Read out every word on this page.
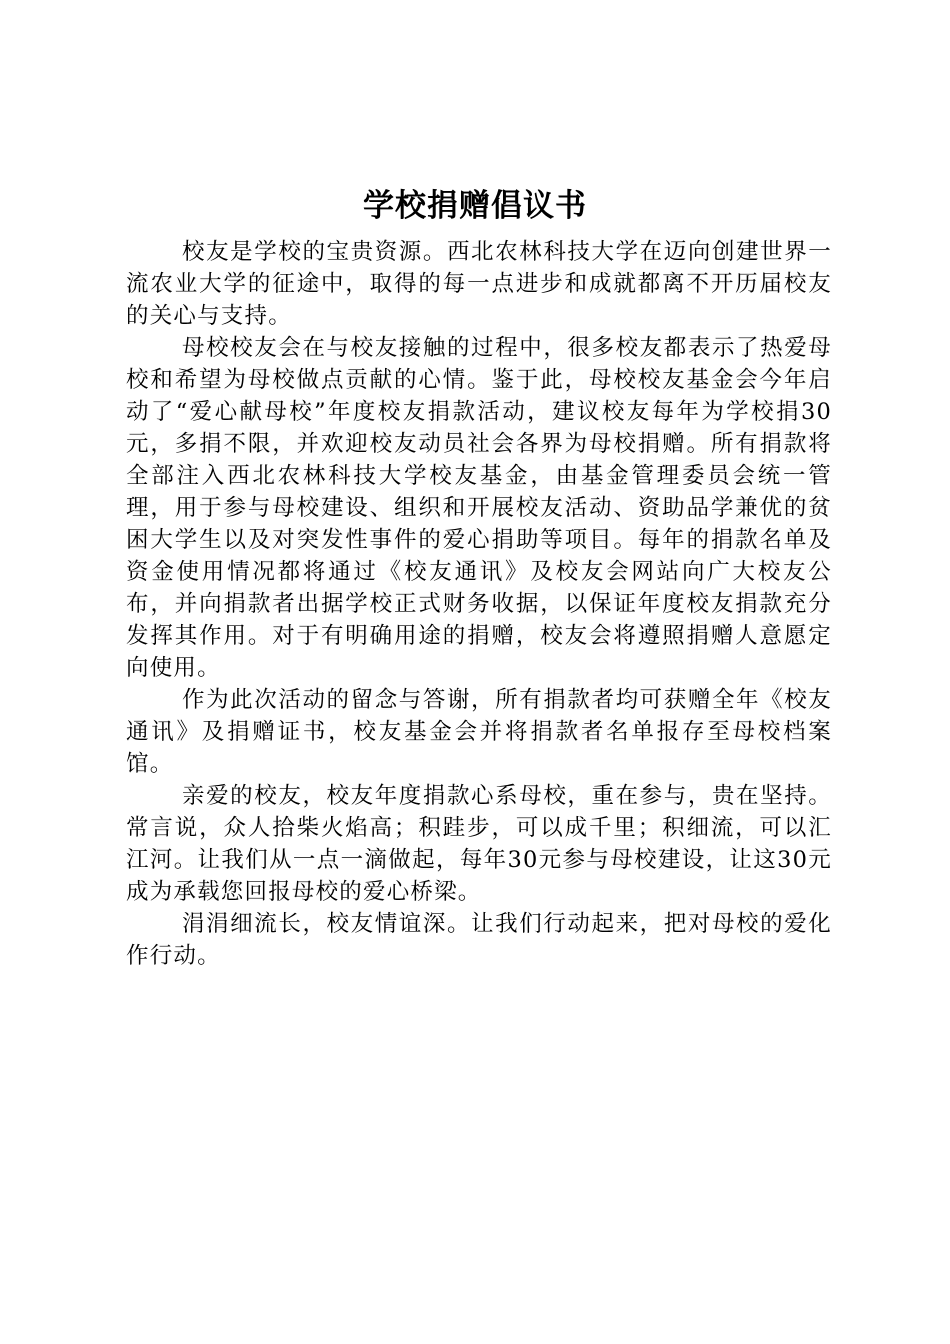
学校捐赠倡议书

校友是学校的宝贵资源。西北农林科技大学在迈向创建世界一流农业大学的征途中，取得的每一点进步和成就都离不开历届校友的关心与支持。

母校校友会在与校友接触的过程中，很多校友都表示了热爱母校和希望为母校做点贡献的心情。鉴于此，母校校友基金会今年启动了“爱心献母校”年度校友捐款活动，建议校友每年为学校捐30元，多捐不限，并欢迎校友动员社会各界为母校捐赠。所有捐款将全部注入西北农林科技大学校友基金，由基金管理委员会统一管理，用于参与母校建设、组织和开展校友活动、资助品学兼优的贫困大学生以及对突发性事件的爱心捐助等项目。每年的捐款名单及资金使用情况都将通过《校友通讯》及校友会网站向广大校友公布，并向捐款者出据学校正式财务收据，以保证年度校友捐款充分发挥其作用。对于有明确用途的捐赠，校友会将遵照捐赠人意愿定向使用。

作为此次活动的留念与答谢，所有捐款者均可获赠全年《校友通讯》及捐赠证书，校友基金会并将捐款者名单报存至母校档案馆。

亲爱的校友，校友年度捐款心系母校，重在参与，贵在坚持。常言说，众人拾柴火焰高；积跬步，可以成千里；积细流，可以汇江河。让我们从一点一滴做起，每年30元参与母校建设，让这30元成为承载您回报母校的爱心桥梁。

涓涓细流长，校友情谊深。让我们行动起来，把对母校的爱化作行动。
